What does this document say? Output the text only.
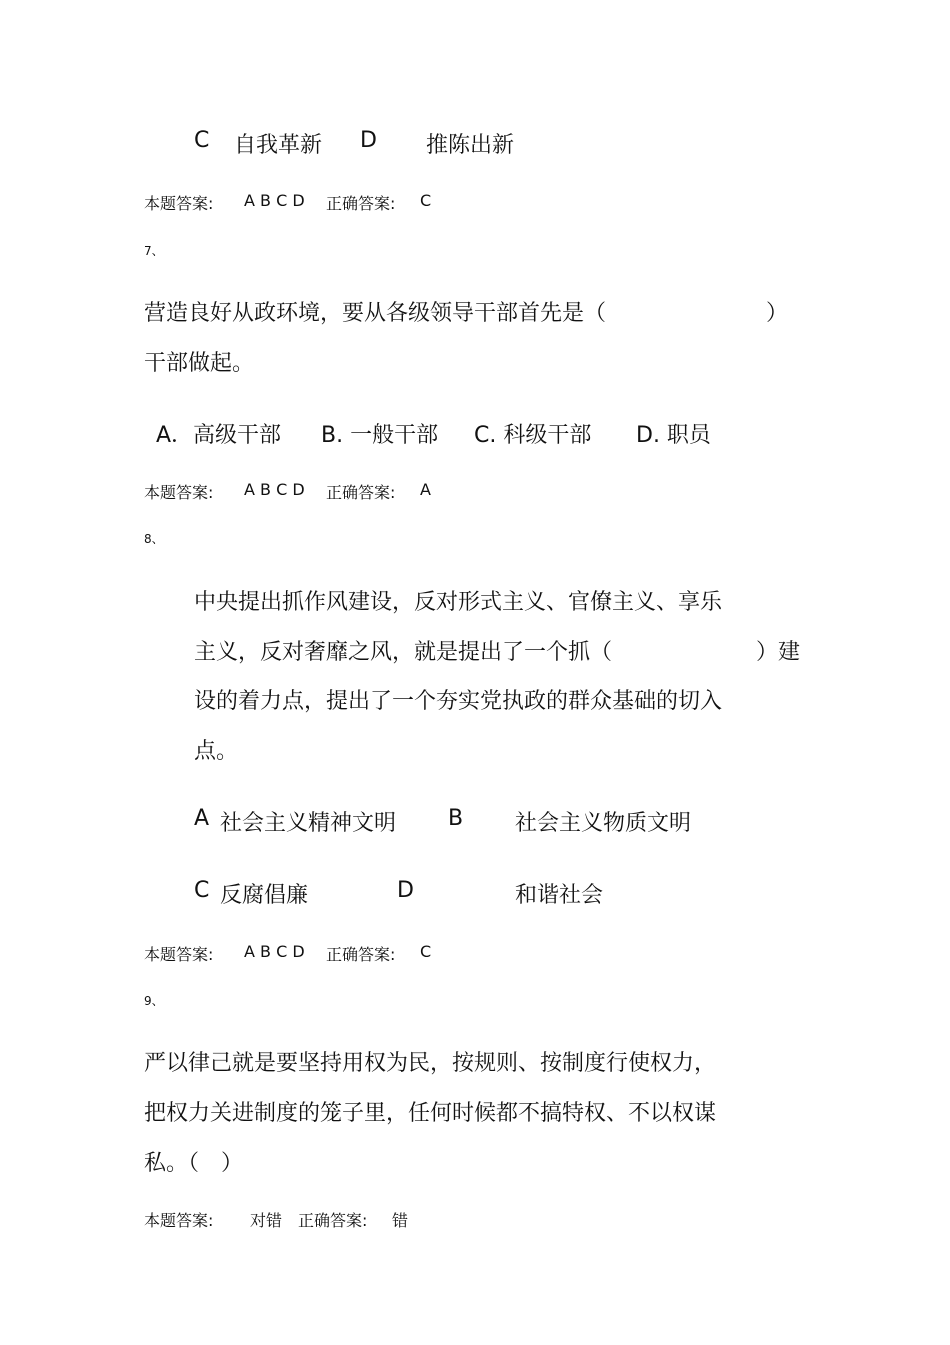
C 自我革新 D 推陈出新
本题答案: A B C D 正确答案: C
7、
营造良好从政环境，要从各级领导干部首先是（	）
干部做起。
A．高级干部 B. 一般干部 C. 科级干部 D. 职员
本题答案: A B C D 正确答案: A
8、
中央提出抓作风建设，反对形式主义、官僚主义、享乐
主义，反对奢靡之风，就是提出了一个抓（	）建
设的着力点，提出了一个夯实党执政的群众基础的切入
点。
A 社会主义精神文明 B 社会主义物质文明
C 反腐倡廉	D	和谐社会
本题答案: A B C D 正确答案: C
9、
严以律己就是要坚持用权为民，按规则、按制度行使权力，
把权力关进制度的笼子里，任何时候都不搞特权、不以权谋
私。（　）
本题答案: 对错 正确答案: 错
